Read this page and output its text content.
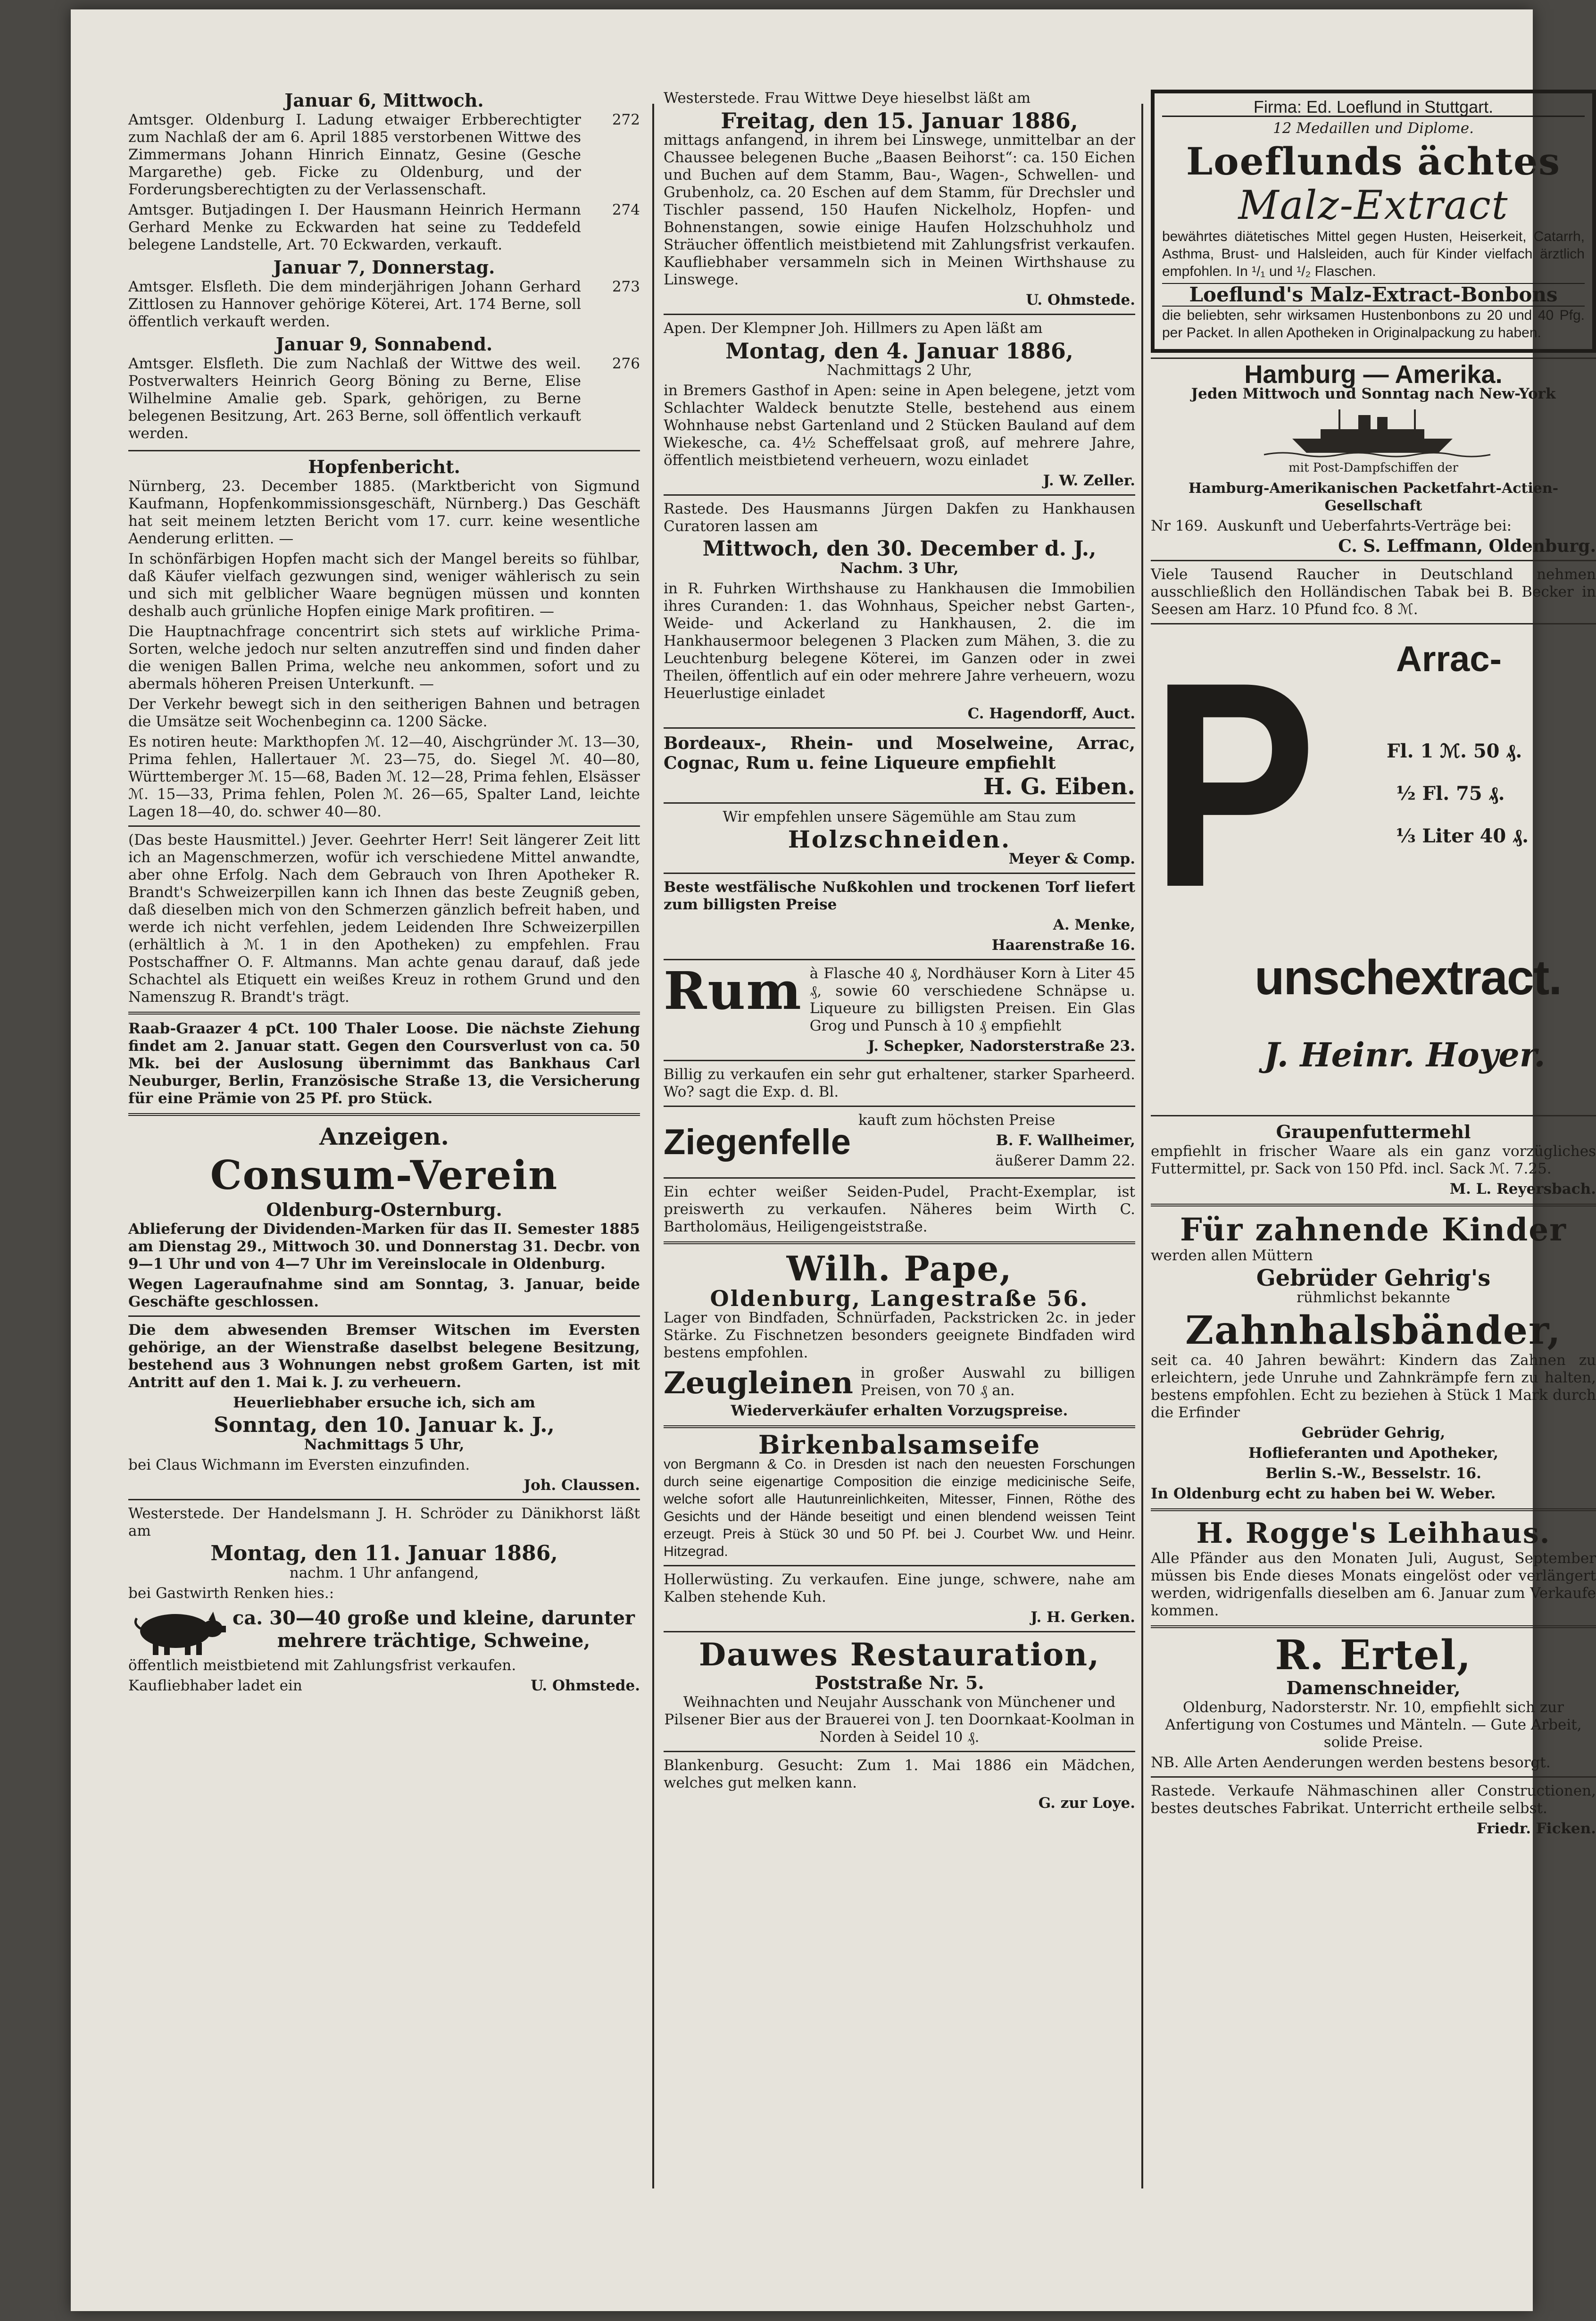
Januar 6, Mittwoch.
Amtsger. Oldenburg I. Ladung etwaiger Erbberechtigter zum Nachlaß der am 6. April 1885 verstorbenen Wittwe des Zimmermans Johann Hinrich Einnatz, Gesine (Gesche Margarethe) geb. Ficke zu Oldenburg, und der Forderungsberechtigten zu der Verlassenschaft.
272
Amtsger. Butjadingen I. Der Hausmann Heinrich Hermann Gerhard Menke zu Eckwarden hat seine zu Teddefeld belegene Landstelle, Art. 70 Eckwarden, verkauft.
274
Januar 7, Donnerstag.
Amtsger. Elsfleth. Die dem minderjährigen Johann Gerhard Zittlosen zu Hannover gehörige Köterei, Art. 174 Berne, soll öffentlich verkauft werden.
273
Januar 9, Sonnabend.
Amtsger. Elsfleth. Die zum Nachlaß der Wittwe des weil. Postverwalters Heinrich Georg Böning zu Berne, Elise Wilhelmine Amalie geb. Spark, gehörigen, zu Berne belegenen Besitzung, Art. 263 Berne, soll öffentlich verkauft werden.
276
Hopfenbericht.
Nürnberg, 23. December 1885. (Marktbericht von Sigmund Kaufmann, Hopfenkommissionsgeschäft, Nürnberg.) Das Geschäft hat seit meinem letzten Bericht vom 17. curr. keine wesentliche Aenderung erlitten. —
In schönfärbigen Hopfen macht sich der Mangel bereits so fühlbar, daß Käufer vielfach gezwungen sind, weniger wählerisch zu sein und sich mit gelblicher Waare begnügen müssen und konnten deshalb auch grünliche Hopfen einige Mark profitiren. —
Die Hauptnachfrage concentrirt sich stets auf wirkliche Prima-Sorten, welche jedoch nur selten anzutreffen sind und finden daher die wenigen Ballen Prima, welche neu ankommen, sofort und zu abermals höheren Preisen Unterkunft. —
Der Verkehr bewegt sich in den seitherigen Bahnen und betragen die Umsätze seit Wochenbeginn ca. 1200 Säcke.
Es notiren heute: Markthopfen ℳ. 12—40, Aischgründer ℳ. 13—30, Prima fehlen, Hallertauer ℳ. 23—75, do. Siegel ℳ. 40—80, Württemberger ℳ. 15—68, Baden ℳ. 12—28, Prima fehlen, Elsässer ℳ. 15—33, Prima fehlen, Polen ℳ. 26—65, Spalter Land, leichte Lagen 18—40, do. schwer 40—80.
(Das beste Hausmittel.) Jever. Geehrter Herr! Seit längerer Zeit litt ich an Magenschmerzen, wofür ich verschiedene Mittel anwandte, aber ohne Erfolg. Nach dem Gebrauch von Ihren Apotheker R. Brandt's Schweizerpillen kann ich Ihnen das beste Zeugniß geben, daß dieselben mich von den Schmerzen gänzlich befreit haben, und werde ich nicht verfehlen, jedem Leidenden Ihre Schweizerpillen (erhältlich à ℳ. 1 in den Apotheken) zu empfehlen. Frau Postschaffner O. F. Altmanns. Man achte genau darauf, daß jede Schachtel als Etiquett ein weißes Kreuz in rothem Grund und den Namenszug R. Brandt's trägt.
Raab-Graazer 4 pCt. 100 Thaler Loose. Die nächste Ziehung findet am 2. Januar statt. Gegen den Coursverlust von ca. 50 Mk. bei der Auslosung übernimmt das Bankhaus Carl Neuburger, Berlin, Französische Straße 13, die Versicherung für eine Prämie von 25 Pf. pro Stück.
Anzeigen.
Consum-Verein
Oldenburg-Osternburg.
Ablieferung der Dividenden-Marken für das II. Semester 1885 am Dienstag 29., Mittwoch 30. und Donnerstag 31. Decbr. von 9—1 Uhr und von 4—7 Uhr im Vereinslocale in Oldenburg.
Wegen Lageraufnahme sind am Sonntag, 3. Januar, beide Geschäfte geschlossen.
Die dem abwesenden Bremser Witschen im Eversten gehörige, an der Wienstraße daselbst belegene Besitzung, bestehend aus 3 Wohnungen nebst großem Garten, ist mit Antritt auf den 1. Mai k. J. zu verheuern.
Heuerliebhaber ersuche ich, sich am
Sonntag, den 10. Januar k. J.,
Nachmittags 5 Uhr,
bei Claus Wichmann im Eversten einzufinden.
Joh. Claussen.
Westerstede. Der Handelsmann J. H. Schröder zu Dänikhorst läßt am
Montag, den 11. Januar 1886,
nachm. 1 Uhr anfangend,
bei Gastwirth Renken hies.:
ca. 30—40 große und kleine, darunter mehrere trächtige, Schweine,
öffentlich meistbietend mit Zahlungsfrist verkaufen.
Kaufliebhaber ladet ein	U. Ohmstede.
Westerstede. Frau Wittwe Deye hieselbst läßt am
Freitag, den 15. Januar 1886,
mittags anfangend, in ihrem bei Linswege, unmittelbar an der Chaussee belegenen Buche „Baasen Beihorst“: ca. 150 Eichen und Buchen auf dem Stamm, Bau-, Wagen-, Schwellen- und Grubenholz, ca. 20 Eschen auf dem Stamm, für Drechsler und Tischler passend, 150 Haufen Nickelholz, Hopfen- und Bohnenstangen, sowie einige Haufen Holzschuhholz und Sträucher öffentlich meistbietend mit Zahlungsfrist verkaufen. Kaufliebhaber versammeln sich in Meinen Wirthshause zu Linswege.
U. Ohmstede.
Apen. Der Klempner Joh. Hillmers zu Apen läßt am
Montag, den 4. Januar 1886,
Nachmittags 2 Uhr,
in Bremers Gasthof in Apen: seine in Apen belegene, jetzt vom Schlachter Waldeck benutzte Stelle, bestehend aus einem Wohnhause nebst Gartenland und 2 Stücken Bauland auf dem Wiekesche, ca. 4½ Scheffelsaat groß, auf mehrere Jahre, öffentlich meistbietend verheuern, wozu einladet
J. W. Zeller.
Rastede. Des Hausmanns Jürgen Dakfen zu Hankhausen Curatoren lassen am
Mittwoch, den 30. December d. J.,
Nachm. 3 Uhr,
in R. Fuhrken Wirthshause zu Hankhausen die Immobilien ihres Curanden: 1. das Wohnhaus, Speicher nebst Garten-, Weide- und Ackerland zu Hankhausen, 2. die im Hankhausermoor belegenen 3 Placken zum Mähen, 3. die zu Leuchtenburg belegene Köterei, im Ganzen oder in zwei Theilen, öffentlich auf ein oder mehrere Jahre verheuern, wozu Heuerlustige einladet
C. Hagendorff, Auct.
Bordeaux-, Rhein- und Moselweine, Arrac, Cognac, Rum u. feine Liqueure empfiehlt
H. G. Eiben.
Wir empfehlen unsere Sägemühle am Stau zum
Holzschneiden.
Meyer & Comp.
Beste westfälische Nußkohlen und trockenen Torf liefert zum billigsten Preise
A. Menke,
Haarenstraße 16.
Rum à Flasche 40 ₰, Nordhäuser Korn à Liter 45 ₰, sowie 60 verschiedene Schnäpse u. Liqueure zu billigsten Preisen. Ein Glas Grog und Punsch à 10 ₰ empfiehlt
J. Schepker, Nadorsterstraße 23.
Billig zu verkaufen ein sehr gut erhaltener, starker Sparheerd. Wo? sagt die Exp. d. Bl.
Ziegenfelle
kauft zum höchsten Preise
B. F. Wallheimer,
äußerer Damm 22.
Ein echter weißer Seiden-Pudel, Pracht-Exemplar, ist preiswerth zu verkaufen. Näheres beim Wirth C. Bartholomäus, Heiligengeiststraße.
Wilh. Pape,
Oldenburg, Langestraße 56.
Lager von Bindfaden, Schnürfaden, Packstricken 2c. in jeder Stärke. Zu Fischnetzen besonders geeignete Bindfaden wird bestens empfohlen.
Zeugleinen in großer Auswahl zu billigen Preisen, von 70 ₰ an.
Wiederverkäufer erhalten Vorzugspreise.
Birkenbalsamseife
von Bergmann & Co. in Dresden ist nach den neuesten Forschungen durch seine eigenartige Composition die einzige medicinische Seife, welche sofort alle Hautunreinlichkeiten, Mitesser, Finnen, Röthe des Gesichts und der Hände beseitigt und einen blendend weissen Teint erzeugt. Preis à Stück 30 und 50 Pf. bei J. Courbet Ww. und Heinr. Hitzegrad.
Hollerwüsting. Zu verkaufen. Eine junge, schwere, nahe am Kalben stehende Kuh.
J. H. Gerken.
Dauwes Restauration,
Poststraße Nr. 5.
Weihnachten und Neujahr Ausschank von Münchener und Pilsener Bier aus der Brauerei von J. ten Doornkaat-Koolman in Norden à Seidel 10 ₰.
Blankenburg. Gesucht: Zum 1. Mai 1886 ein Mädchen, welches gut melken kann.
G. zur Loye.
Firma: Ed. Loeflund in Stuttgart.
12 Medaillen und Diplome.
Loeflunds ächtes
Malz-Extract
bewährtes diätetisches Mittel gegen Husten, Heiserkeit, Catarrh, Asthma, Brust- und Halsleiden, auch für Kinder vielfach ärztlich empfohlen. In ¹/₁ und ¹/₂ Flaschen.
Loeflund's Malz-Extract-Bonbons
die beliebten, sehr wirksamen Hustenbonbons zu 20 und 40 Pfg. per Packet. In allen Apotheken in Originalpackung zu haben.
Hamburg — Amerika.
Jeden Mittwoch und Sonntag nach New-York
mit Post-Dampfschiffen der
Hamburg-Amerikanischen Packetfahrt-Actien-Gesellschaft
Nr 169. Auskunft und Ueberfahrts-Verträge bei:
C. S. Leffmann, Oldenburg.
Viele Tausend Raucher in Deutschland nehmen ausschließlich den Holländischen Tabak bei B. Becker in Seesen am Harz. 10 Pfund fco. 8 ℳ.
P Arrac-
Fl. 1 ℳ. 50 ₰.
½ Fl. 75 ₰.
⅓ Liter 40 ₰.
unschextract.
J. Heinr. Hoyer.
Graupenfuttermehl
empfiehlt in frischer Waare als ein ganz vorzügliches Futtermittel, pr. Sack von 150 Pfd. incl. Sack ℳ. 7.25.
M. L. Reyersbach.
Für zahnende Kinder
werden allen Müttern
Gebrüder Gehrig's
rühmlichst bekannte
Zahnhalsbänder,
seit ca. 40 Jahren bewährt: Kindern das Zahnen zu erleichtern, jede Unruhe und Zahnkrämpfe fern zu halten, bestens empfohlen. Echt zu beziehen à Stück 1 Mark durch die Erfinder
Gebrüder Gehrig,
Hoflieferanten und Apotheker,
Berlin S.-W., Besselstr. 16.
In Oldenburg echt zu haben bei W. Weber.
H. Rogge's Leihhaus.
Alle Pfänder aus den Monaten Juli, August, September müssen bis Ende dieses Monats eingelöst oder verlängert werden, widrigenfalls dieselben am 6. Januar zum Verkaufe kommen.
R. Ertel,
Damenschneider,
Oldenburg, Nadorsterstr. Nr. 10, empfiehlt sich zur Anfertigung von Costumes und Mänteln. — Gute Arbeit, solide Preise.
NB. Alle Arten Aenderungen werden bestens besorgt.
Rastede. Verkaufe Nähmaschinen aller Constructionen, bestes deutsches Fabrikat. Unterricht ertheile selbst.
Friedr. Ficken.
